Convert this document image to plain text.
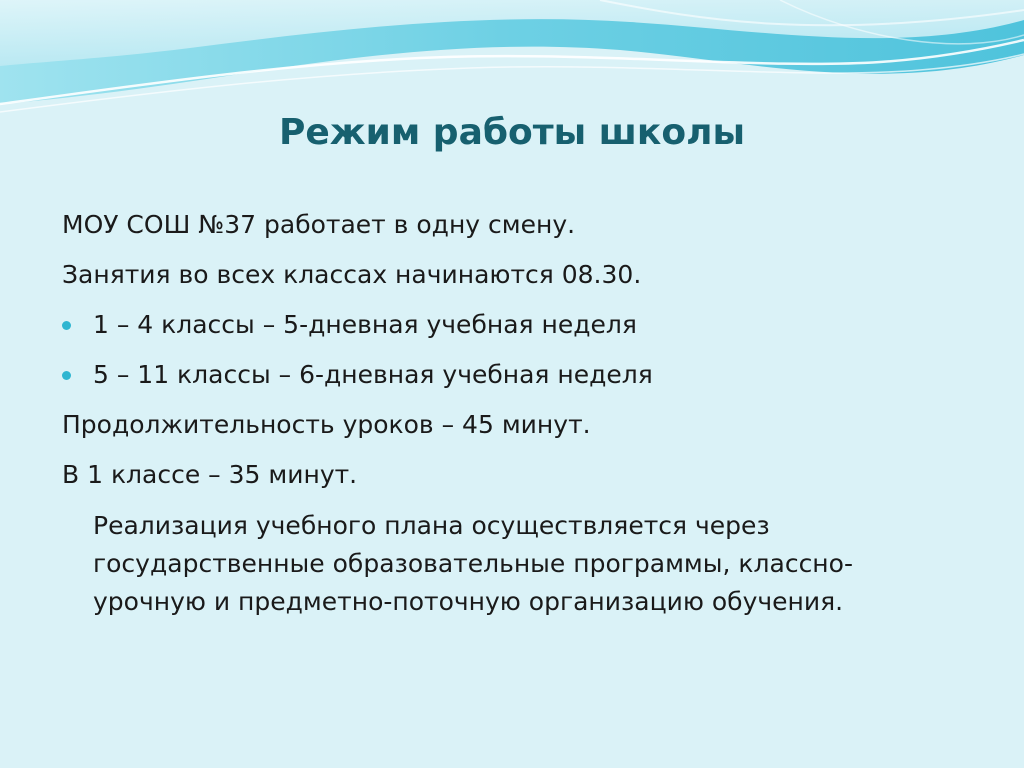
Режим работы школы
МОУ СОШ №37 работает в одну смену.
Занятия во всех классах начинаются 08.30.
1 – 4 классы – 5-дневная учебная неделя
5 – 11 классы – 6-дневная учебная неделя
Продолжительность уроков – 45 минут.
В 1 классе – 35 минут.
Реализация учебного плана осуществляется через
государственные образовательные программы, классно-
урочную и предметно-поточную организацию обучения.
